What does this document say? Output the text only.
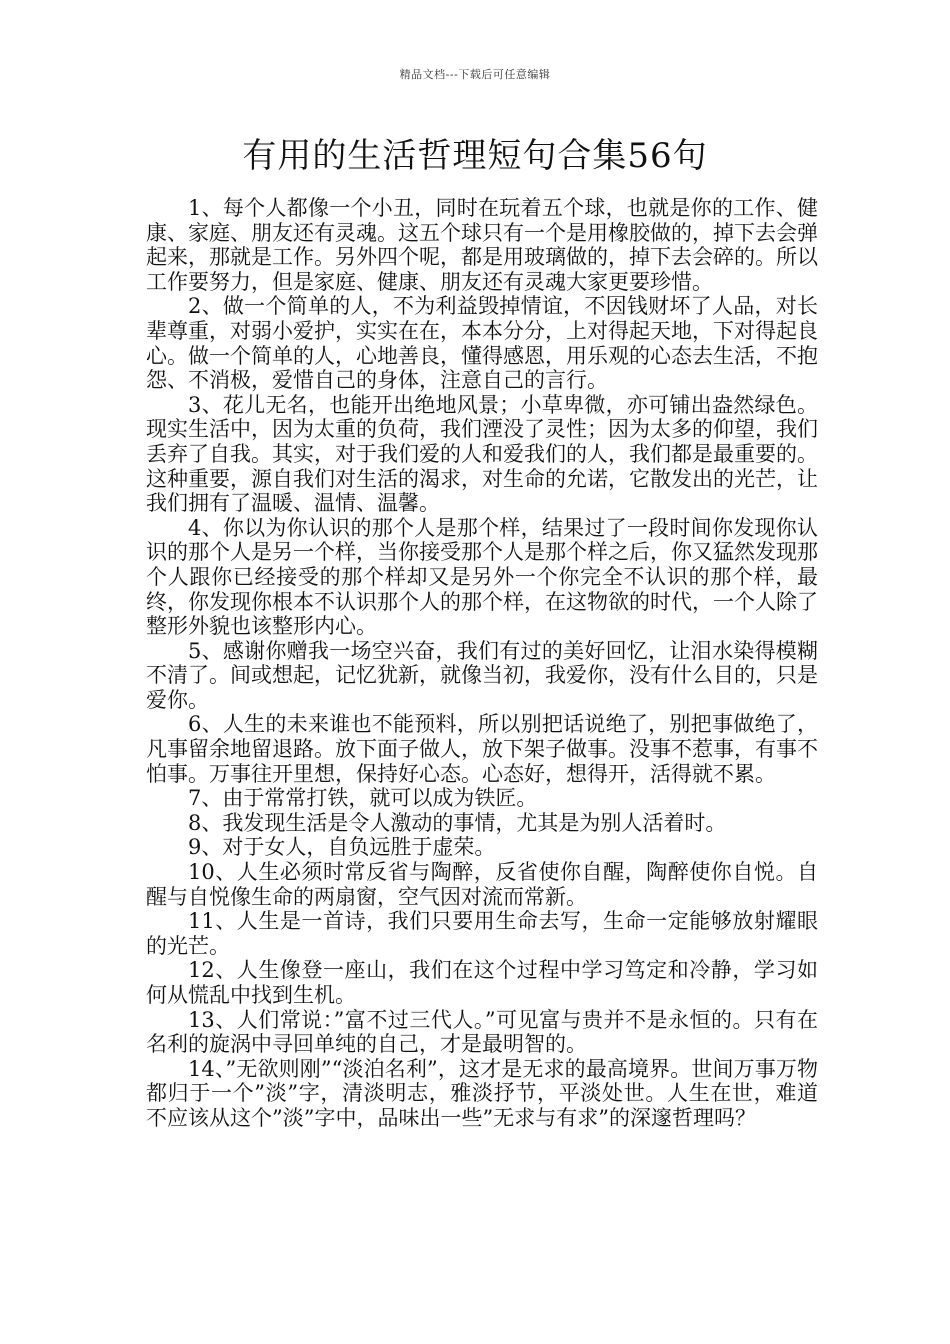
精品文档---下载后可任意编辑
有用的生活哲理短句合集56句

1、每个人都像一个小丑，同时在玩着五个球，也就是你的工作、健康、家庭、朋友还有灵魂。这五个球只有一个是用橡胶做的，掉下去会弹起来，那就是工作。另外四个呢，都是用玻璃做的，掉下去会碎的。所以工作要努力，但是家庭、健康、朋友还有灵魂大家更要珍惜。

2、做一个简单的人，不为利益毁掉情谊，不因钱财坏了人品，对长辈尊重，对弱小爱护，实实在在，本本分分，上对得起天地，下对得起良心。做一个简单的人，心地善良，懂得感恩，用乐观的心态去生活，不抱怨、不消极，爱惜自己的身体，注意自己的言行。

3、花儿无名，也能开出绝地风景；小草卑微，亦可铺出盎然绿色。现实生活中，因为太重的负荷，我们湮没了灵性；因为太多的仰望，我们丢弃了自我。其实，对于我们爱的人和爱我们的人，我们都是最重要的。这种重要，源自我们对生活的渴求，对生命的允诺，它散发出的光芒，让我们拥有了温暖、温情、温馨。

4、你以为你认识的那个人是那个样，结果过了一段时间你发现你认识的那个人是另一个样，当你接受那个人是那个样之后，你又猛然发现那个人跟你已经接受的那个样却又是另外一个你完全不认识的那个样，最终，你发现你根本不认识那个人的那个样，在这物欲的时代，一个人除了整形外貌也该整形内心。

5、感谢你赠我一场空兴奋，我们有过的美好回忆，让泪水染得模糊不清了。间或想起，记忆犹新，就像当初，我爱你，没有什么目的，只是爱你。

6、人生的未来谁也不能预料，所以别把话说绝了，别把事做绝了，凡事留余地留退路。放下面子做人，放下架子做事。没事不惹事，有事不怕事。万事往开里想，保持好心态。心态好，想得开，活得就不累。

7、由于常常打铁，就可以成为铁匠。

8、我发现生活是令人激动的事情，尤其是为别人活着时。

9、对于女人，自负远胜于虚荣。

10、人生必须时常反省与陶醉，反省使你自醒，陶醉使你自悦。自醒与自悦像生命的两扇窗，空气因对流而常新。

11、人生是一首诗，我们只要用生命去写，生命一定能够放射耀眼的光芒。

12、人生像登一座山，我们在这个过程中学习笃定和冷静，学习如何从慌乱中找到生机。

13、人们常说：”富不过三代人。”可见富与贵并不是永恒的。只有在名利的旋涡中寻回单纯的自己，才是最明智的。

14、”无欲则刚”“淡泊名利”，这才是无求的最高境界。世间万事万物都归于一个”淡”字，清淡明志，雅淡抒节，平淡处世。人生在世，难道不应该从这个”淡”字中，品味出一些”无求与有求”的深邃哲理吗？
